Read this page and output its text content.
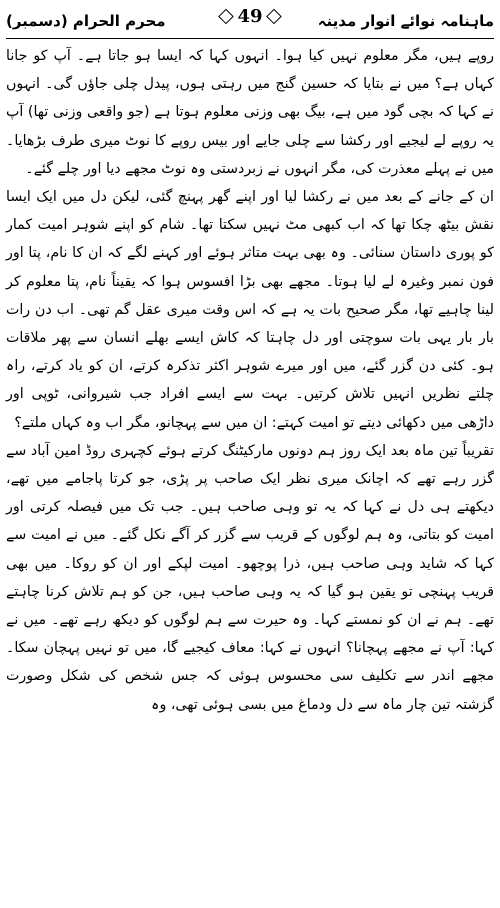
ماہنامہ نوائے انوار مدینہ
محرم الحرام (دسمبر)	49

روپے ہیں، مگر معلوم نہیں کیا ہوا۔ انہوں کہا کہ ایسا ہو جاتا ہے۔ آپ کو جانا کہاں ہے؟ میں نے بتایا کہ حسین گنج میں رہتی ہوں، پیدل چلی جاؤں گی۔ انہوں نے کہا کہ بچی گود میں ہے، بیگ بھی وزنی معلوم ہوتا ہے (جو واقعی وزنی تھا) آپ یہ روپے لے لیجیے اور رکشا سے چلی جایے اور بیس روپے کا نوٹ میری طرف بڑھایا۔ میں نے پہلے معذرت کی، مگر انہوں نے زبردستی وہ نوٹ مجھے دیا اور چلے گئے۔

ان کے جانے کے بعد میں نے رکشا لیا اور اپنے گھر پہنچ گئی، لیکن دل میں ایک ایسا نقش بیٹھ چکا تھا کہ اب کبھی مٹ نہیں سکتا تھا۔ شام کو اپنے شوہر امیت کمار کو پوری داستان سنائی۔ وہ بھی بہت متاثر ہوئے اور کہنے لگے کہ ان کا نام، پتا اور فون نمبر وغیرہ لے لیا ہوتا۔ مجھے بھی بڑا افسوس ہوا کہ یقیناً نام، پتا معلوم کر لینا چاہیے تھا، مگر صحیح بات یہ ہے کہ اس وقت میری عقل گم تھی۔ اب دن رات بار بار یہی بات سوچتی اور دل چاہتا کہ کاش ایسے بھلے انسان سے پھر ملاقات ہو۔ کئی دن گزر گئے، میں اور میرے شوہر اکثر تذکرہ کرتے، ان کو یاد کرتے، راہ چلتے نظریں انہیں تلاش کرتیں۔ بہت سے ایسے افراد جب شیروانی، ٹوپی اور داڑھی میں دکھائی دیتے تو امیت کہتے: ان میں سے پہچانو، مگر اب وہ کہاں ملتے؟

تقریباً تین ماہ بعد ایک روز ہم دونوں مارکیٹنگ کرتے ہوئے کچہری روڈ امین آباد سے گزر رہے تھے کہ اچانک میری نظر ایک صاحب پر پڑی، جو کرتا پاجامے میں تھے، دیکھتے ہی دل نے کہا کہ یہ تو وہی صاحب ہیں۔ جب تک میں فیصلہ کرتی اور امیت کو بتاتی، وہ ہم لوگوں کے قریب سے گزر کر آگے نکل گئے۔ میں نے امیت سے کہا کہ شاید وہی صاحب ہیں، ذرا پوچھو۔ امیت لپکے اور ان کو روکا۔ میں بھی قریب پہنچی تو یقین ہو گیا کہ یہ وہی صاحب ہیں، جن کو ہم تلاش کرنا چاہتے تھے۔ ہم نے ان کو نمستے کہا۔ وہ حیرت سے ہم لوگوں کو دیکھ رہے تھے۔ میں نے کہا: آپ نے مجھے پہچانا؟ انہوں نے کہا: معاف کیجیے گا، میں تو نہیں پہچان سکا۔ مجھے اندر سے تکلیف سی محسوس ہوئی کہ جس شخص کی شکل وصورت گزشتہ تین چار ماہ سے دل ودماغ میں بسی ہوئی تھی، وہ
